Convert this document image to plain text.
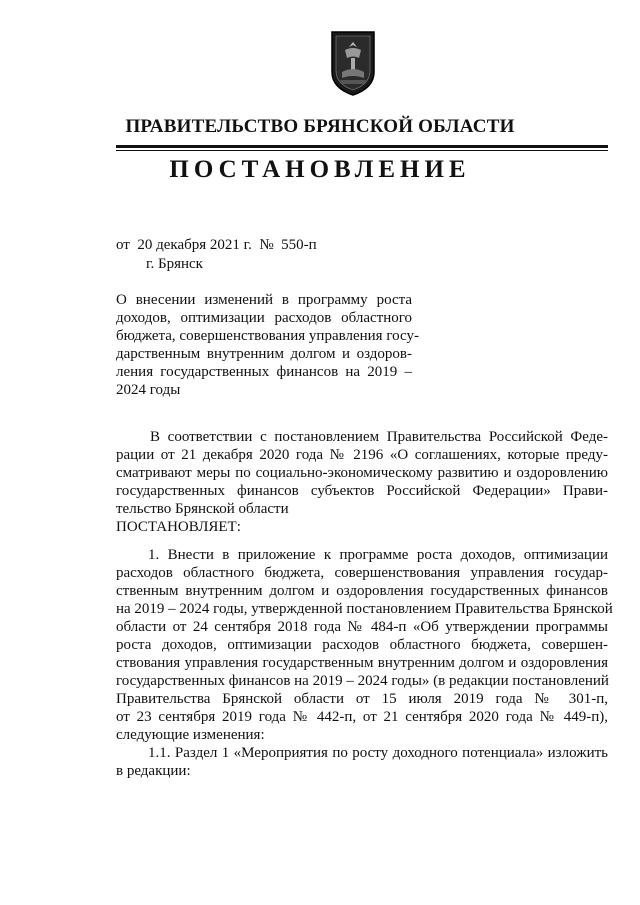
ПРАВИТЕЛЬСТВО БРЯНСКОЙ ОБЛАСТИ
ПОСТАНОВЛЕНИЕ
от  20 декабря 2021 г.  №  550-п
г. Брянск
О внесении изменений в программу роста
доходов, оптимизации расходов областного
бюджета, совершенствования управления госу-
дарственным внутренним долгом и оздоров-
ления государственных финансов на 2019 –
2024 годы
В соответствии с постановлением Правительства Российской Феде-
рации от 21 декабря 2020 года № 2196 «О соглашениях, которые преду-
сматривают меры по социально-экономическому развитию и оздоровлению
государственных финансов субъектов Российской Федерации» Прави-
тельство Брянской области
ПОСТАНОВЛЯЕТ:
1. Внести в приложение к программе роста доходов, оптимизации
расходов областного бюджета, совершенствования управления государ-
ственным внутренним долгом и оздоровления государственных финансов
на 2019 – 2024 годы, утвержденной постановлением Правительства Брянской
области от 24 сентября 2018 года № 484-п «Об утверждении программы
роста доходов, оптимизации расходов областного бюджета, совершен-
ствования управления государственным внутренним долгом и оздоровления
государственных финансов на 2019 – 2024 годы» (в редакции постановлений
Правительства Брянской области от 15 июля 2019 года № 301-п,
от 23 сентября 2019 года № 442-п, от 21 сентября 2020 года № 449-п),
следующие изменения:
1.1. Раздел 1 «Мероприятия по росту доходного потенциала» изложить
в редакции:
